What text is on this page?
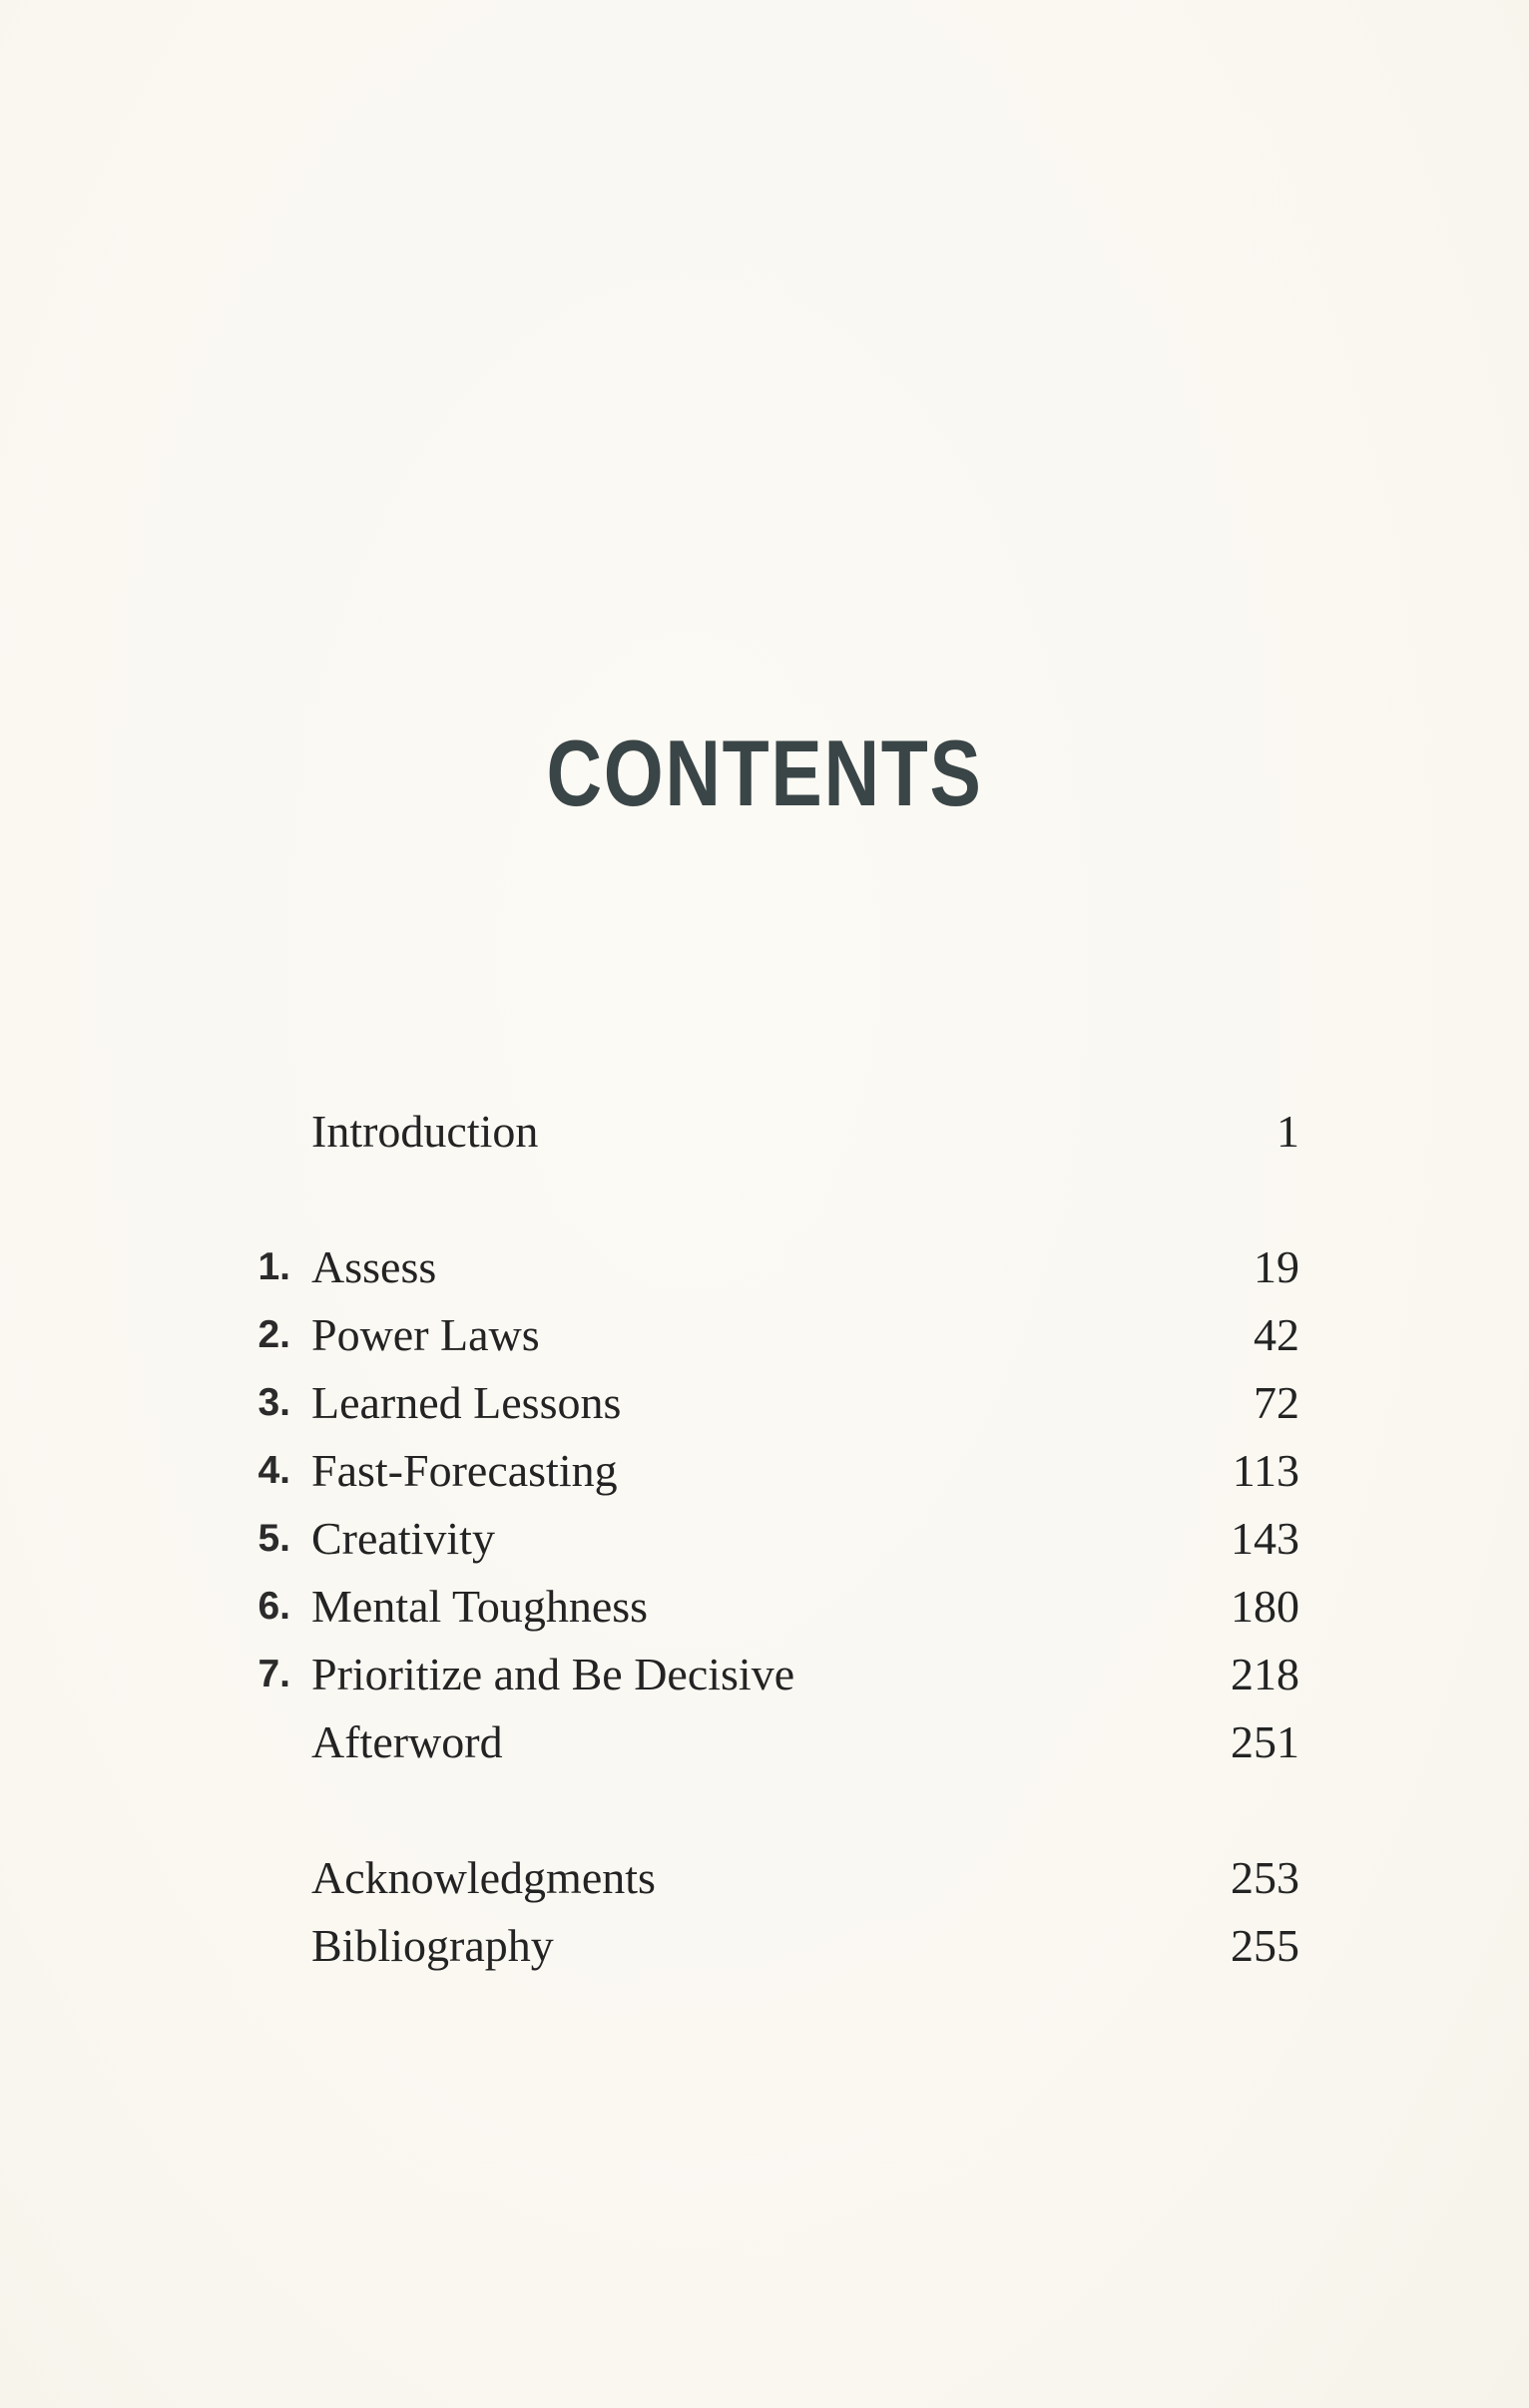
CONTENTS
Introduction	1
1. Assess	19
2. Power Laws	42
3. Learned Lessons	72
4. Fast-Forecasting	113
5. Creativity	143
6. Mental Toughness	180
7. Prioritize and Be Decisive	218
Afterword	251
Acknowledgments	253
Bibliography	255
